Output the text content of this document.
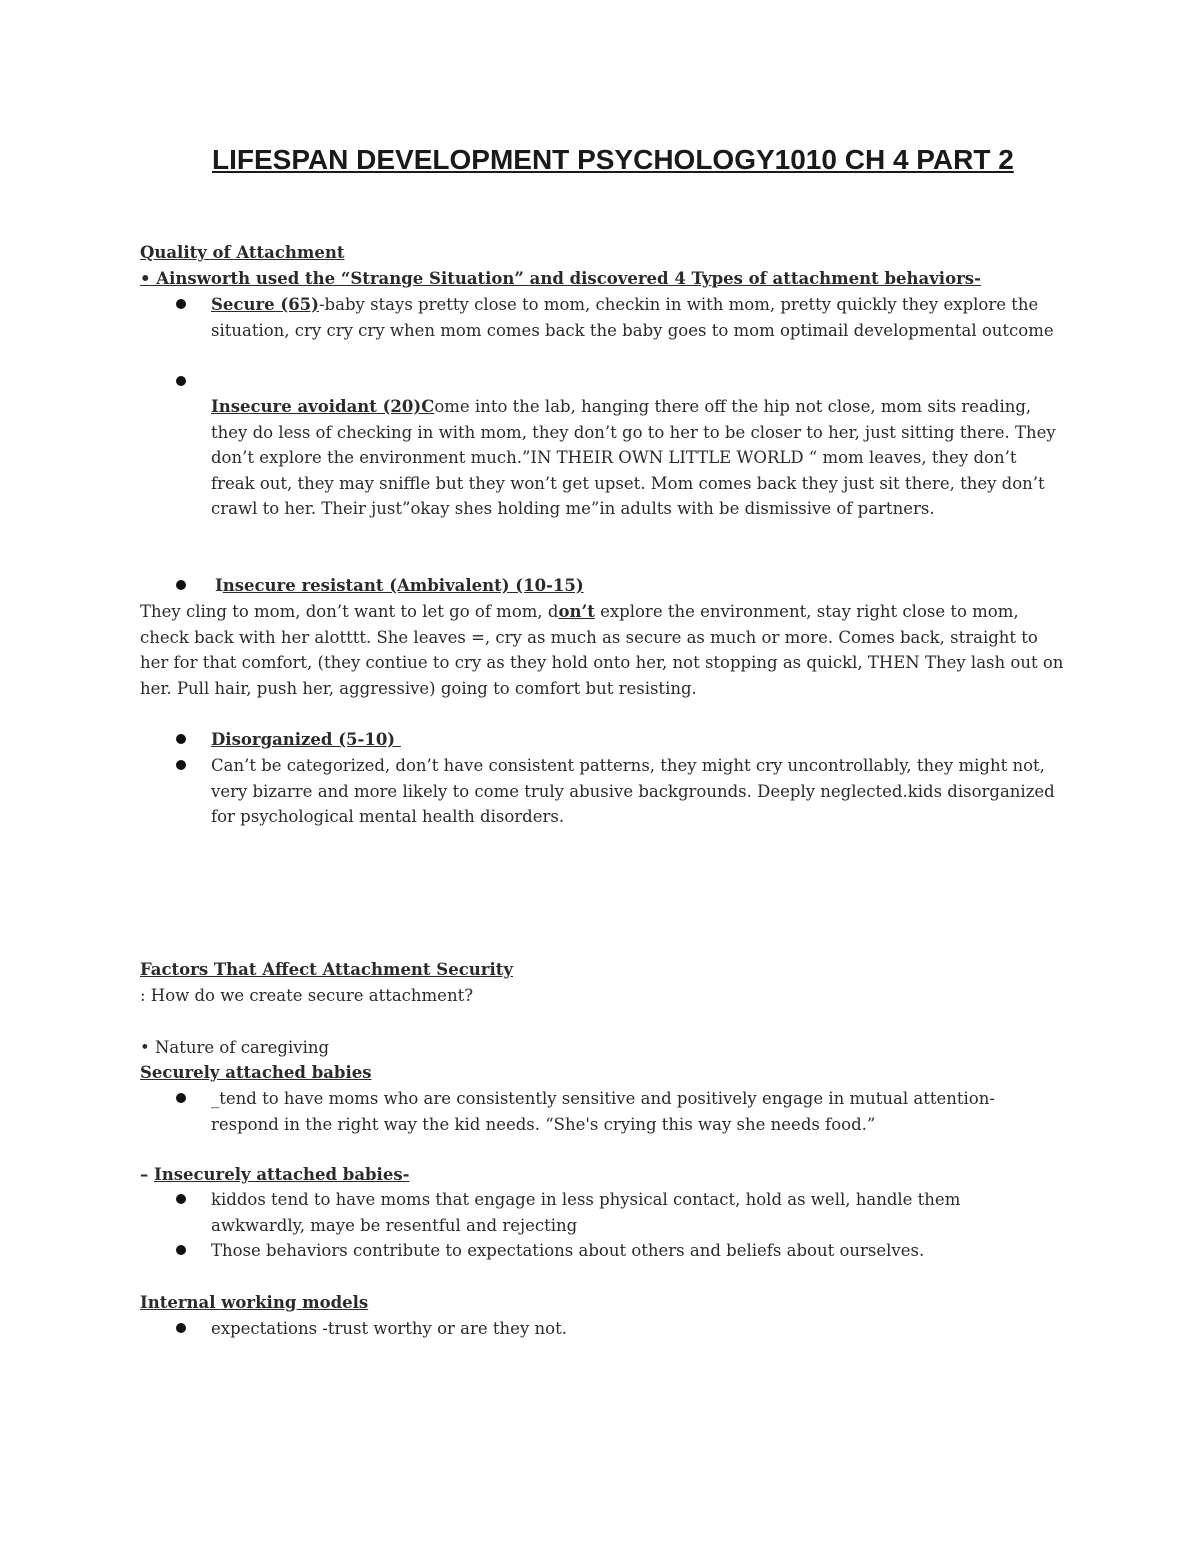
LIFESPAN DEVELOPMENT PSYCHOLOGY1010 CH 4 PART 2
Quality of Attachment
• Ainsworth used the “Strange Situation” and discovered 4 Types of attachment behaviors-

Secure (65)-baby stays pretty close to mom, checkin in with mom, pretty quickly they explore the situation, cry cry cry when mom comes back the baby goes to mom optimail developmental outcome

Insecure avoidant (20)Come into the lab, hanging there off the hip not close, mom sits reading, they do less of checking in with mom, they don’t go to her to be closer to her, just sitting there. They don’t explore the environment much.”IN THEIR OWN LITTLE WORLD “ mom leaves, they don’t freak out, they may sniffle but they won’t get upset. Mom comes back they just sit there, they don’t crawl to her. Their just”okay shes holding me”in adults with be dismissive of partners.

Insecure resistant (Ambivalent) (10-15)

They cling to mom, don’t want to let go of mom, don’t explore the environment, stay right close to mom, check back with her alotttt. She leaves =, cry as much as secure as much or more. Comes back, straight to her for that comfort, (they contiue to cry as they hold onto her, not stopping as quickl, THEN They lash out on her. Pull hair, push her, aggressive) going to comfort but resisting.

Disorganized (5-10)

Can’t be categorized, don’t have consistent patterns, they might cry uncontrollably, they might not, very bizarre and more likely to come truly abusive backgrounds. Deeply neglected.kids disorganized for psychological mental health disorders.

Factors That Affect Attachment Security
: How do we create secure attachment?
• Nature of caregiving
Securely attached babies

_tend to have moms who are consistently sensitive and positively engage in mutual attention-respond in the right way the kid needs. “She's crying this way she needs food.”

– Insecurely attached babies-

kiddos tend to have moms that engage in less physical contact, hold as well, handle them awkwardly, maye be resentful and rejecting

Those behaviors contribute to expectations about others and beliefs about ourselves.

Internal working models

expectations -trust worthy or are they not.
